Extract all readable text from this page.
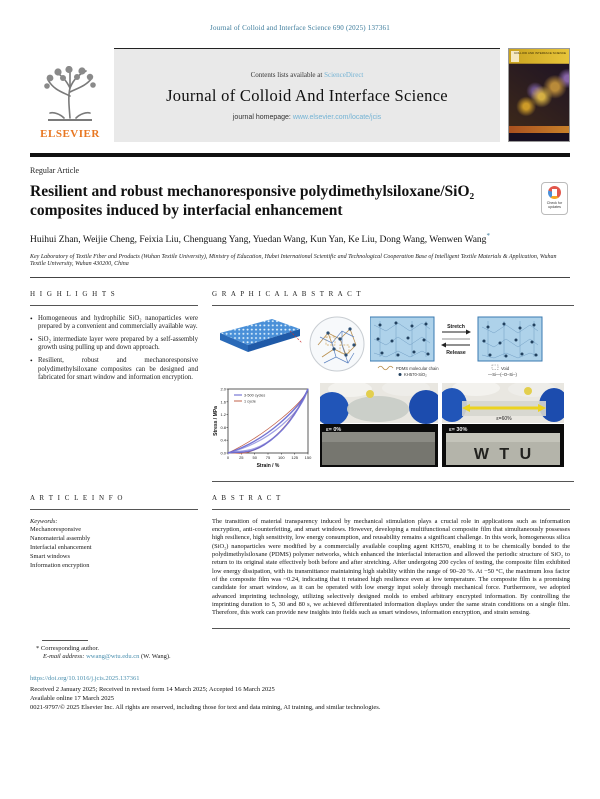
Journal of Colloid and Interface Science 690 (2025) 137361
ELSEVIER
Contents lists available at ScienceDirect
Journal of Colloid And Interface Science
journal homepage: www.elsevier.com/locate/jcis
COLLOID AND INTERFACE SCIENCE
Regular Article
Resilient and robust mechanoresponsive polydimethylsiloxane/SiO₂ composites induced by interfacial enhancement	Check for updates
Huihui Zhan, Weijie Cheng, Feixia Liu, Chenguang Yang, Yuedan Wang, Kun Yan, Ke Liu, Dong Wang, Wenwen Wang*
Key Laboratory of Textile Fiber and Products (Wuhan Textile University), Ministry of Education, Hubei International Scientific and Technological Cooperation Base of Intelligent Textile Materials & Application, Wuhan Textile University, Wuhan 430200, China
H I G H L I G H T S
• Homogeneous and hydrophilic SiO₂ nanoparticles were prepared by a convenient and commercially available way.
• SiO₂ intermediate layer were prepared by a self-assembly growth using pulling up and down approach.
• Resilient, robust and mechanoresponsive polydimethylsiloxane composites can be designed and fabricated for smart window and information encryption.
G R A P H I C A L A B S T R A C T
Stretch
Release
PDMS molecular chain
KH570-SiO₂
Void
—Si—(–O–Si–)
2.0
1.6
1.2
0.8
0.4
0.0
0 25 50 75 100 125 150
Strain / %
Stress / MPa
3-500 cycles
1 cycle
ε= 0%
ε=60%
W T U
ε= 30%
A R T I C L E I N F O
Keywords:
Mechanoresponsive
Nanomaterial assembly
Interfacial enhancement
Smart windows
Information encryption
A B S T R A C T
The transition of material transparency induced by mechanical stimulation plays a crucial role in applications such as information encryption, anti-counterfeiting, and smart windows. However, developing a multifunctional composite film that simultaneously possesses high resilience, high sensitivity, low energy consumption, and reusability remains a significant challenge. In this work, homogeneous silica (SiO₂) nanoparticles were modified by a commercially available coupling agent KH570, enabling it to be chemically bonded to the polydimethylsiloxane (PDMS) polymer networks, which enhanced the interfacial interaction and allowed the periodic structure of SiO₂ to return to its original state effectively both before and after stretching. After undergoing 200 cycles of testing, the composite film exhibited low energy dissipation, with its transmittance maintaining high stability within the range of 90–20 %. At −50 °C, the maximum loss factor of the composite film was ~0.24, indicating that it retained high resilience even at low temperature. The composite film is a promising candidate for smart window, as it can be operated with low energy input solely through mechanical force. Furthermore, we adopted advanced imprinting technology, utilizing selectively designed molds to embed arbitrary encrypted information. By controlling the imprinting duration to 5, 30 and 80 s, we achieved differentiated information displays under the same strain conditions on a single film. Therefore, this work can provide new insights into fields such as smart windows, information encryption, and strain sensing.
* Corresponding author.
E-mail address: wwang@wtu.edu.cn (W. Wang).
https://doi.org/10.1016/j.jcis.2025.137361
Received 2 January 2025; Received in revised form 14 March 2025; Accepted 16 March 2025
Available online 17 March 2025
0021-9797/© 2025 Elsevier Inc. All rights are reserved, including those for text and data mining, AI training, and similar technologies.
